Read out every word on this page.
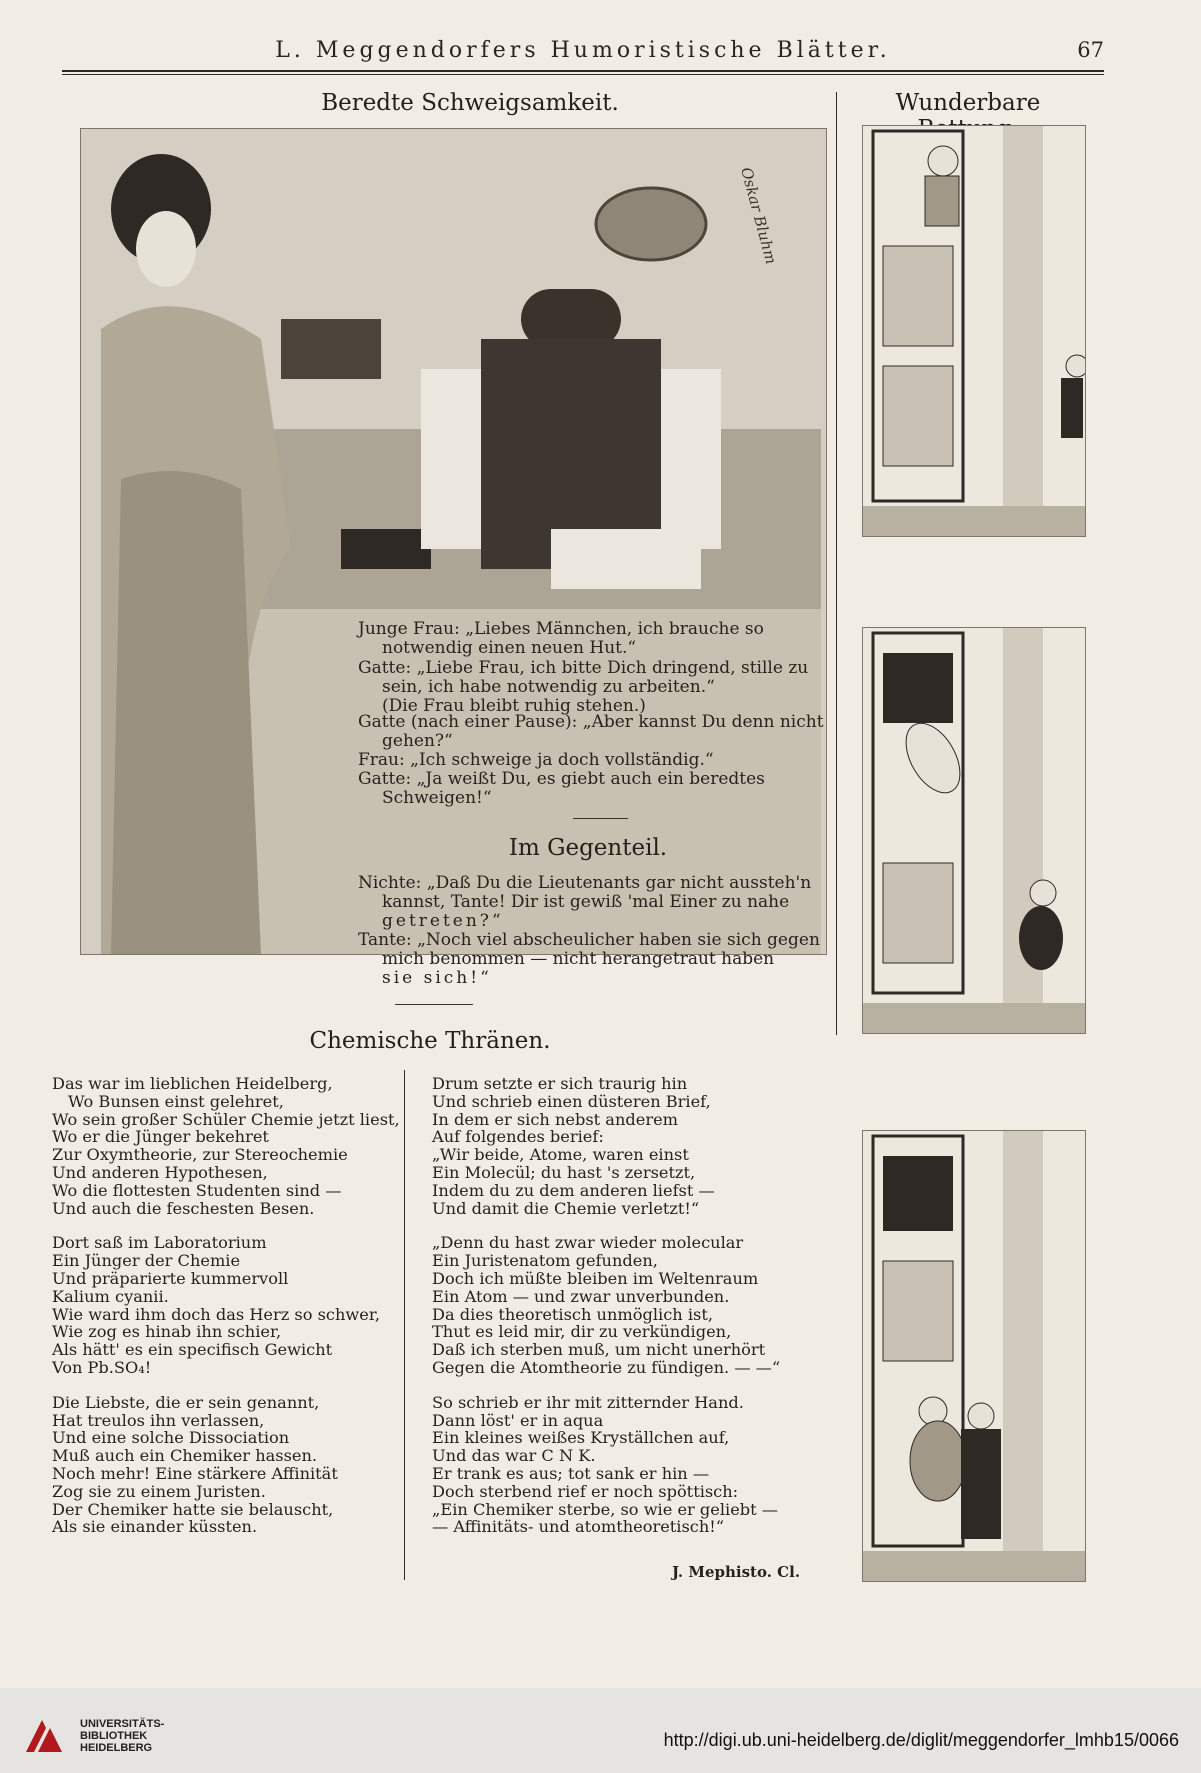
L. Meggendorfers Humoristische Blätter.	67
Beredte Schweigsamkeit.
Oskar Bluhm
Junge Frau: „Liebes Männchen, ich brauche so
notwendig einen neuen Hut.“
Gatte: „Liebe Frau, ich bitte Dich dringend, stille zu
sein, ich habe notwendig zu arbeiten.“
(Die Frau bleibt ruhig stehen.)
Gatte (nach einer Pause): „Aber kannst Du denn nicht
gehen?“
Frau: „Ich schweige ja doch vollständig.“
Gatte: „Ja weißt Du, es giebt auch ein beredtes
Schweigen!“
Im Gegenteil.
Nichte: „Daß Du die Lieutenants gar nicht aussteh'n
kannst, Tante! Dir ist gewiß 'mal Einer zu nahe
getreten?“
Tante: „Noch viel abscheulicher haben sie sich gegen
mich benommen — nicht herangetraut haben
sie sich!“
Wunderbare
Chemische Thränen.
Das war im lieblichen Heidelberg,
Wo Bunsen einst gelehret,
Wo sein großer Schüler Chemie jetzt liest,
Wo er die Jünger bekehret
Zur Oxymtheorie, zur Stereochemie
Und anderen Hypothesen,
Wo die flottesten Studenten sind —
Und auch die feschesten Besen.
Dort saß im Laboratorium
Ein Jünger der Chemie
Und präparierte kummervoll
Kalium cyanii.
Wie ward ihm doch das Herz so schwer,
Wie zog es hinab ihn schier,
Als hätt' es ein specifisch Gewicht
Von Pb.SO₄!
Die Liebste, die er sein genannt,
Hat treulos ihn verlassen,
Und eine solche Dissociation
Muß auch ein Chemiker hassen.
Noch mehr! Eine stärkere Affinität
Zog sie zu einem Juristen.
Der Chemiker hatte sie belauscht,
Als sie einander küssten.
Drum setzte er sich traurig hin
Und schrieb einen düsteren Brief,
In dem er sich nebst anderem
Auf folgendes berief:
„Wir beide, Atome, waren einst
Ein Molecül; du hast 's zersetzt,
Indem du zu dem anderen liefst —
Und damit die Chemie verletzt!“
„Denn du hast zwar wieder molecular
Ein Juristenatom gefunden,
Doch ich müßte bleiben im Weltenraum
Ein Atom — und zwar unverbunden.
Da dies theoretisch unmöglich ist,
Thut es leid mir, dir zu verkündigen,
Daß ich sterben muß, um nicht unerhört
Gegen die Atomtheorie zu fündigen. — —“
So schrieb er ihr mit zitternder Hand.
Dann löst' er in aqua
Ein kleines weißes Kryställchen auf,
Und das war C N K.
Er trank es aus; tot sank er hin —
Doch sterbend rief er noch spöttisch:
„Ein Chemiker sterbe, so wie er geliebt —
— Affinitäts- und atomtheoretisch!“
J. Mephisto. Cl.
UNIVERSITÄTS-
BIBLIOTHEK
HEIDELBERG	http://digi.ub.uni-heidelberg.de/diglit/meggendorfer_lmhb15/0066
